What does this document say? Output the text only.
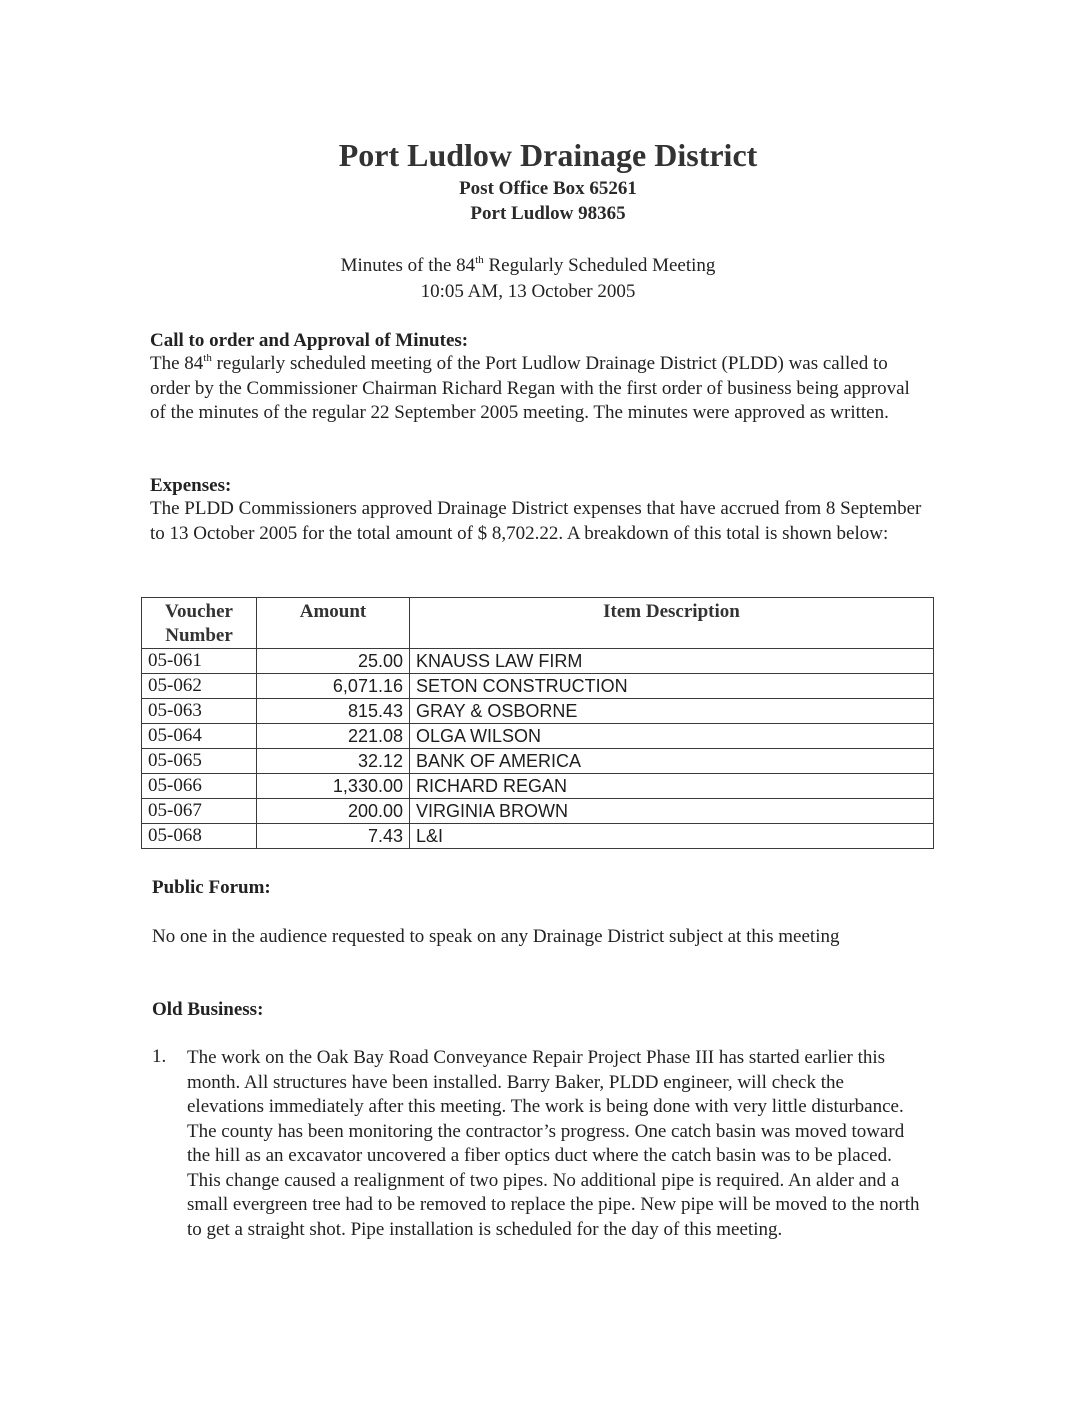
Port Ludlow Drainage District
Post Office Box 65261
Port Ludlow 98365
Minutes of the 84th Regularly Scheduled Meeting
10:05 AM, 13 October 2005
Call to order and Approval of Minutes:

The 84th regularly scheduled meeting of the Port Ludlow Drainage District (PLDD) was called to order by the Commissioner Chairman Richard Regan with the first order of business being approval of the minutes of the regular 22 September 2005 meeting. The minutes were approved as written.

Expenses:

The PLDD Commissioners approved Drainage District expenses that have accrued from 8 September to 13 October 2005 for the total amount of $ 8,702.22. A breakdown of this total is shown below:

Voucher Number	Amount	Item Description
05-061	25.00	KNAUSS LAW FIRM
05-062	6,071.16	SETON CONSTRUCTION
05-063	815.43	GRAY & OSBORNE
05-064	221.08	OLGA WILSON
05-065	32.12	BANK OF AMERICA
05-066	1,330.00	RICHARD REGAN
05-067	200.00	VIRGINIA BROWN
05-068	7.43	L&I
Public Forum:

No one in the audience requested to speak on any Drainage District subject at this meeting

Old Business:
1. The work on the Oak Bay Road Conveyance Repair Project Phase III has started earlier this month. All structures have been installed. Barry Baker, PLDD engineer, will check the elevations immediately after this meeting. The work is being done with very little disturbance. The county has been monitoring the contractor’s progress. One catch basin was moved toward the hill as an excavator uncovered a fiber optics duct where the catch basin was to be placed. This change caused a realignment of two pipes. No additional pipe is required. An alder and a small evergreen tree had to be removed to replace the pipe. New pipe will be moved to the north to get a straight shot. Pipe installation is scheduled for the day of this meeting.
